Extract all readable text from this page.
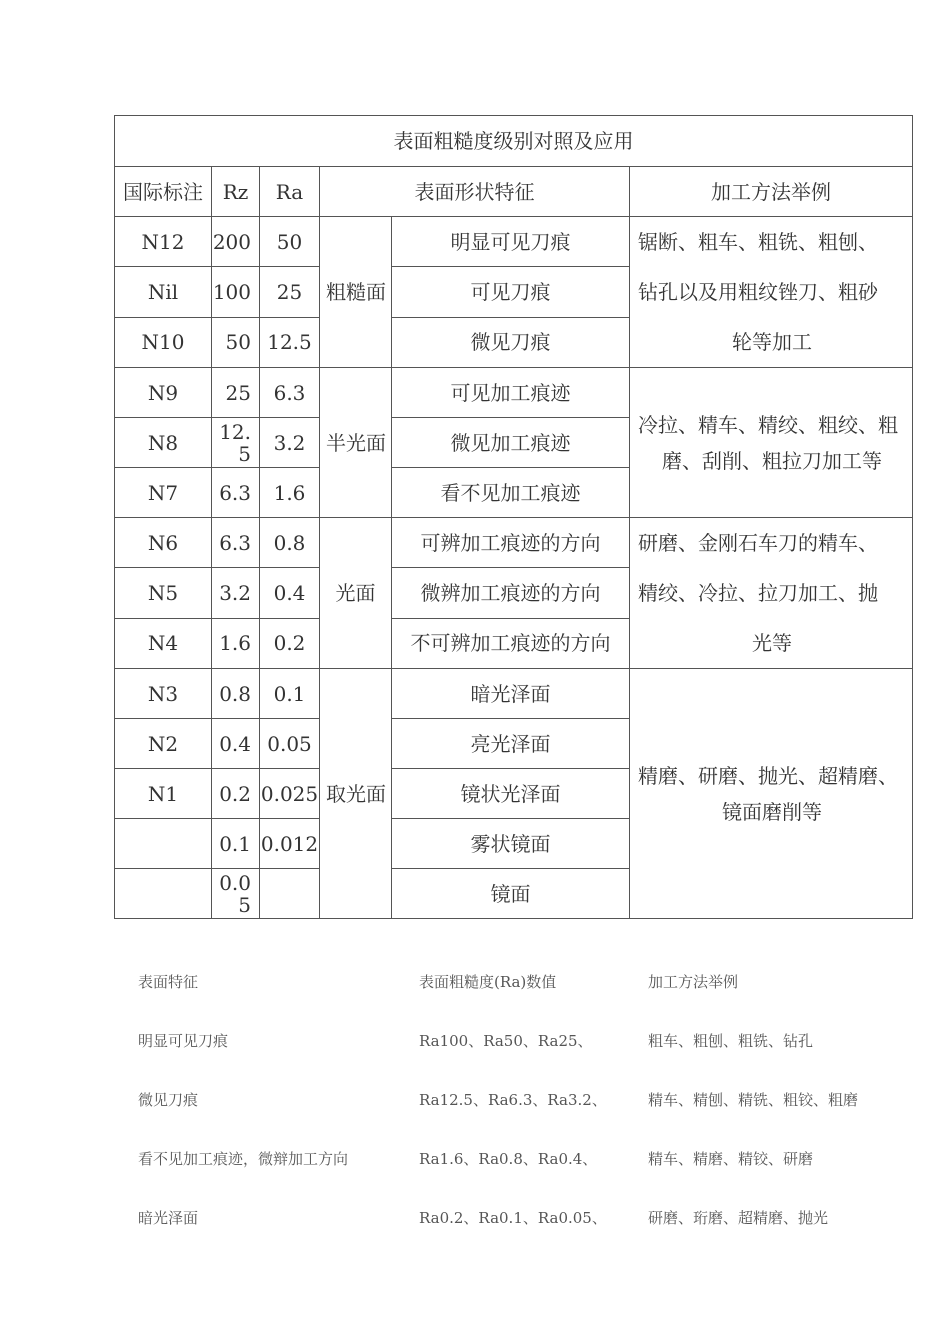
表面粗糙度级别对照及应用					
国际标注	Rz	Ra	表面形状特征		加工方法举例
N12	200	50	粗糙面	明显可见刀痕	锯断、粗车、粗铣、粗刨、
钻孔以及用粗纹锉刀、粗砂
轮等加工

Nil	100	25		可见刀痕	
N10	50	12.5		微见刀痕	
N9	25	6.3	半光面	可见加工痕迹	冷拉、精车、精绞、粗绞、粗
磨、刮削、粗拉刀加工等

N8	12.5	3.2		微见加工痕迹	
N7	6.3	1.6		看不见加工痕迹	
N6	6.3	0.8	光面	可辨加工痕迹的方向	研磨、金刚石车刀的精车、
精绞、冷拉、拉刀加工、抛
光等

N5	3.2	0.4		微辨加工痕迹的方向	
N4	1.6	0.2		不可辨加工痕迹的方向	
N3	0.8	0.1	取光面	暗光泽面	精磨、研磨、抛光、超精磨、
镜面磨削等

N2	0.4	0.05		亮光泽面	
N1	0.2	0.025		镜状光泽面	
	0.1	0.012		雾状镜面	
	0.05			镜面	
表面特征	表面粗糙度(Ra)数值	加工方法举例
明显可见刀痕	Ra100、Ra50、Ra25、	粗车、粗刨、粗铣、钻孔
微见刀痕	Ra12.5、Ra6.3、Ra3.2、	精车、精刨、精铣、粗铰、粗磨
看不见加工痕迹，微辩加工方向	Ra1.6、Ra0.8、Ra0.4、	精车、精磨、精铰、研磨
暗光泽面	Ra0.2、Ra0.1、Ra0.05、	研磨、珩磨、超精磨、抛光
